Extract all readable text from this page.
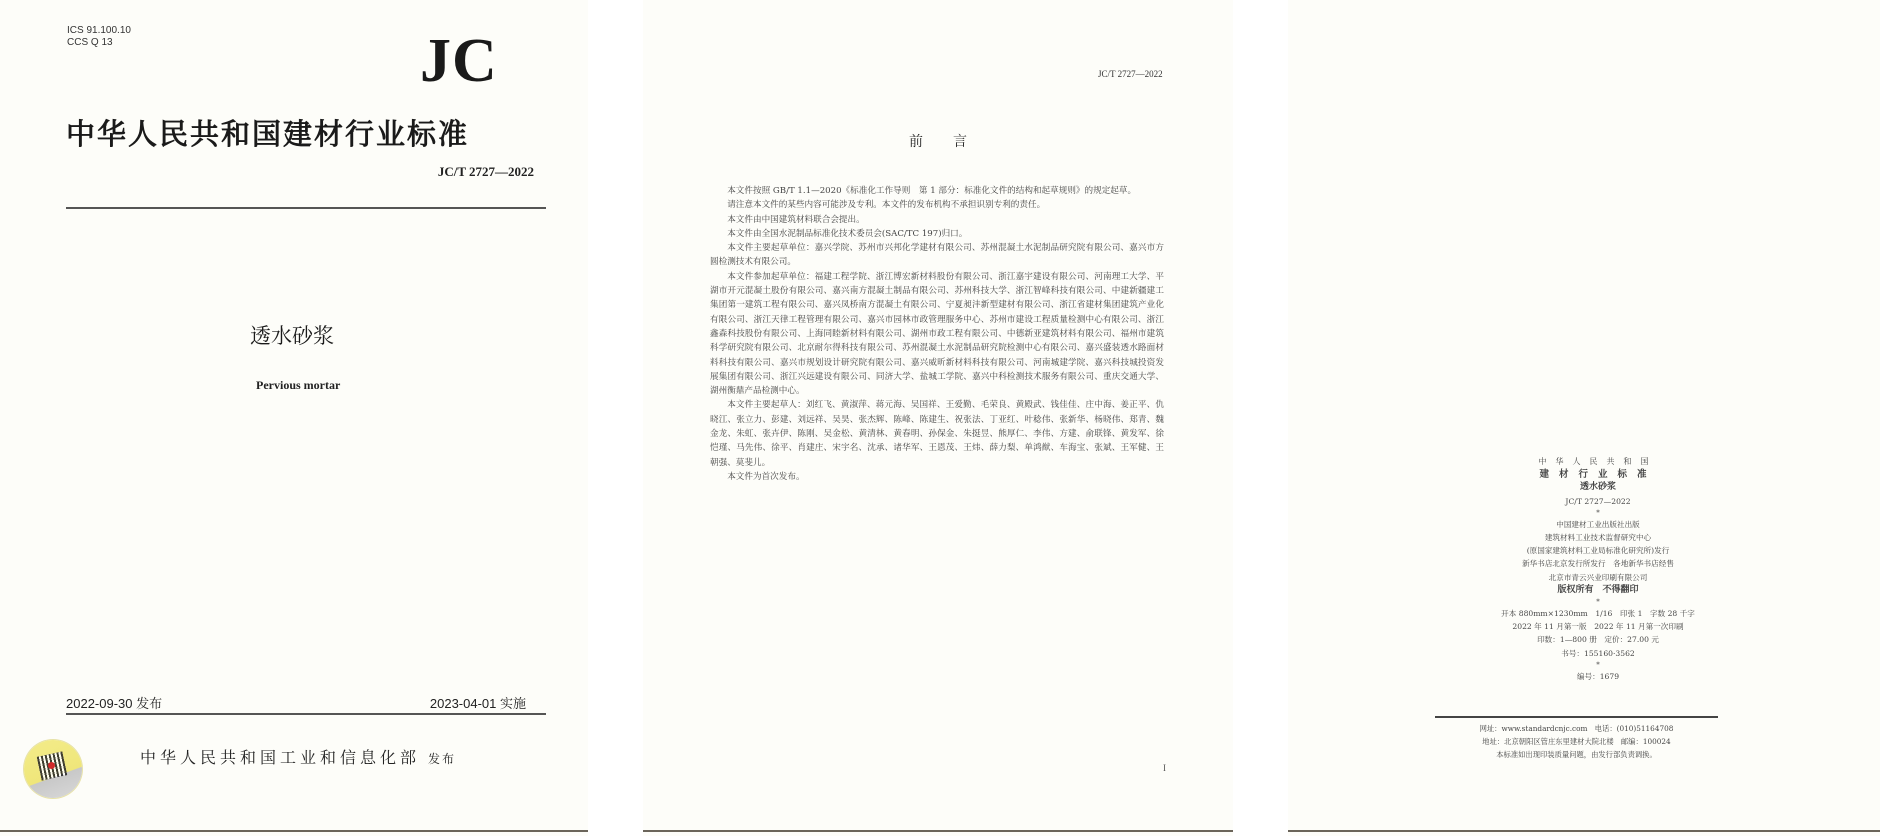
ICS 91.100.10
CCS Q 13	JC
中华人民共和国建材行业标准
JC/T 2727—2022
透水砂浆
Pervious mortar
2022-09-30 发布	2023-04-01 实施
中华人民共和国工业和信息化部 发布
JC/T 2727—2022
前言

本文件按照 GB/T 1.1—2020《标准化工作导则　第 1 部分：标准化文件的结构和起草规则》的规定起草。

请注意本文件的某些内容可能涉及专利。本文件的发布机构不承担识别专利的责任。

本文件由中国建筑材料联合会提出。

本文件由全国水泥制品标准化技术委员会(SAC/TC 197)归口。

本文件主要起草单位：嘉兴学院、苏州市兴邦化学建材有限公司、苏州混凝土水泥制品研究院有限公司、嘉兴市方圆检测技术有限公司。

本文件参加起草单位：福建工程学院、浙江博宏新材料股份有限公司、浙江嘉宇建设有限公司、河南理工大学、平湖市开元混凝土股份有限公司、嘉兴南方混凝土制品有限公司、苏州科技大学、浙江智峰科技有限公司、中建新疆建工集团第一建筑工程有限公司、嘉兴凤桥南方混凝土有限公司、宁夏昶沣新型建材有限公司、浙江省建材集团建筑产业化有限公司、浙江天律工程管理有限公司、嘉兴市园林市政管理服务中心、苏州市建设工程质量检测中心有限公司、浙江鑫森科技股份有限公司、上海同睦新材料有限公司、湖州市政工程有限公司、中德新亚建筑材料有限公司、福州市建筑科学研究院有限公司、北京耐尔得科技有限公司、苏州混凝土水泥制品研究院检测中心有限公司、嘉兴盛装透水路面材料科技有限公司、嘉兴市规划设计研究院有限公司、嘉兴威昕新材料科技有限公司、河南城建学院、嘉兴科技城投资发展集团有限公司、浙江兴远建设有限公司、同济大学、盐城工学院、嘉兴中科检测技术服务有限公司、重庆交通大学、湖州衡鼎产品检测中心。

本文件主要起草人：刘红飞、黄淑萍、蒋元海、吴国祥、王爱勤、毛荣良、黄殿武、钱佳佳、庄中海、姜正平、仇晓江、张立力、彭建、刘远祥、吴昊、张杰辉、陈峰、陈建生、祝张法、丁亚红、叶稔伟、张新华、杨晓伟、郑青、魏金龙、朱虹、张卉伊、陈刚、吴金松、黄清林、黄春明、孙保金、朱挺昱、熊厚仁、李伟、方建、俞联锋、黄发军、徐恺瑾、马先伟、徐平、肖建庄、宋宇名、沈承、诸华军、王恩茂、王炜、薛力梨、单鸿猷、车海宝、张斌、王军健、王朝强、莫斐儿。

本文件为首次发布。

I
中华人民共和国
建材行业标准
透水砂浆
JC/T 2727—2022
*
中国建材工业出版社出版
建筑材料工业技术监督研究中心
(原国家建筑材料工业局标准化研究所)发行
新华书店北京发行所发行　各地新华书店经售
北京市青云兴业印刷有限公司
版权所有　不得翻印
*
开本 880mm×1230mm　1/16　印张 1　字数 28 千字
2022 年 11 月第一版　2022 年 11 月第一次印刷
印数：1—800 册　定价：27.00 元
书号：155160·3562
*
编号：1679
网址：www.standardcnjc.com　电话：(010)51164708
地址：北京朝阳区管庄东里建材大院北楼　邮编：100024
本标准如出现印装质量问题，由发行部负责调换。
